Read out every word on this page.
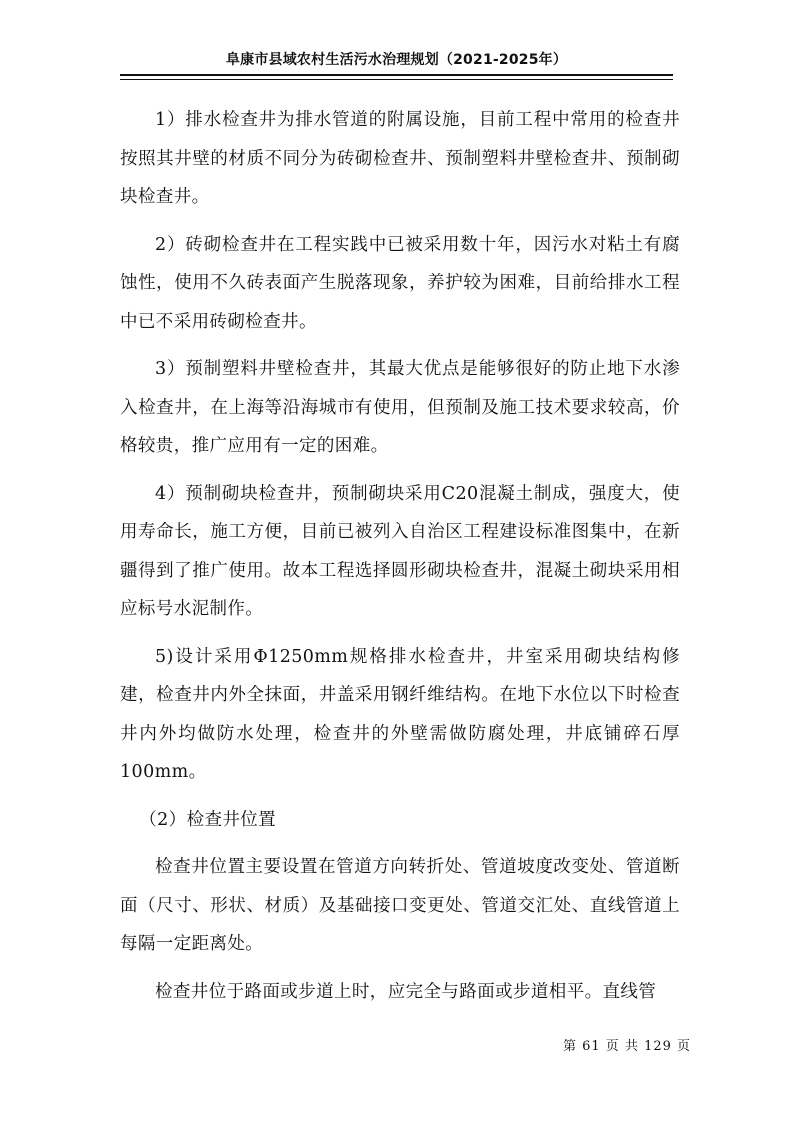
阜康市县域农村生活污水治理规划（2021-2025年）

1）排水检查井为排水管道的附属设施，目前工程中常用的检查井按照其井壁的材质不同分为砖砌检查井、预制塑料井壁检查井、预制砌块检查井。

2）砖砌检查井在工程实践中已被采用数十年，因污水对粘土有腐蚀性，使用不久砖表面产生脱落现象，养护较为困难，目前给排水工程中已不采用砖砌检查井。

3）预制塑料井壁检查井，其最大优点是能够很好的防止地下水渗入检查井，在上海等沿海城市有使用，但预制及施工技术要求较高，价格较贵，推广应用有一定的困难。

4）预制砌块检查井，预制砌块采用C20混凝土制成，强度大，使用寿命长，施工方便，目前已被列入自治区工程建设标准图集中，在新疆得到了推广使用。故本工程选择圆形砌块检查井，混凝土砌块采用相应标号水泥制作。

5)设计采用Φ1250mm规格排水检查井，井室采用砌块结构修建，检查井内外全抹面，井盖采用钢纤维结构。在地下水位以下时检查井内外均做防水处理，检查井的外壁需做防腐处理，井底铺碎石厚100mm。

（2）检查井位置

检查井位置主要设置在管道方向转折处、管道坡度改变处、管道断面（尺寸、形状、材质）及基础接口变更处、管道交汇处、直线管道上每隔一定距离处。

检查井位于路面或步道上时，应完全与路面或步道相平。直线管

第 61 页 共 129 页
